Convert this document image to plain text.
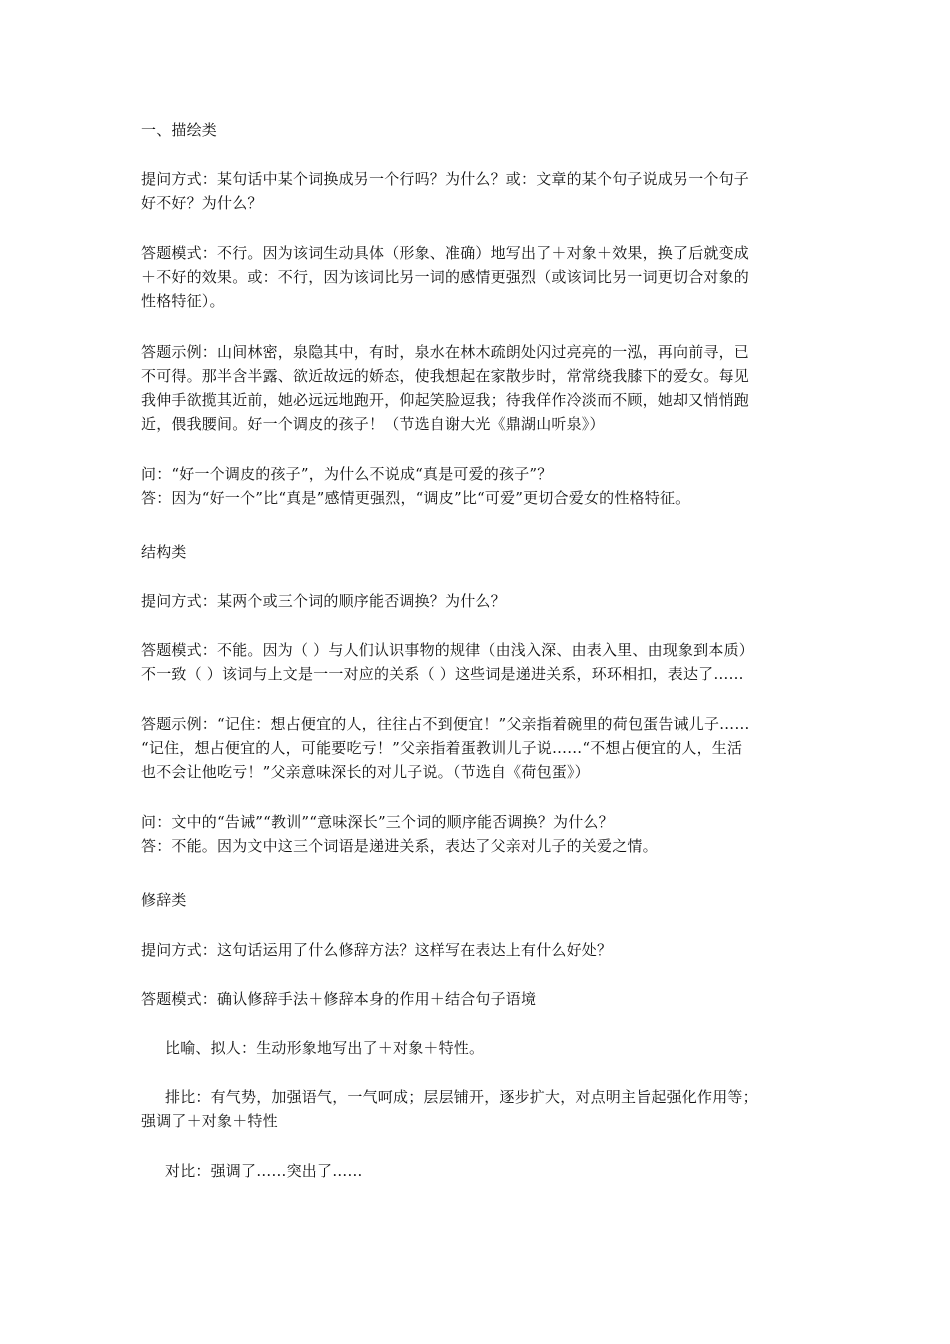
一、描绘类
提问方式：某句话中某个词换成另一个行吗？为什么？或：文章的某个句子说成另一个句子
好不好？为什么？
答题模式：不行。因为该词生动具体（形象、准确）地写出了＋对象＋效果，换了后就变成
＋不好的效果。或：不行，因为该词比另一词的感情更强烈（或该词比另一词更切合对象的
性格特征）。
答题示例：山间林密，泉隐其中，有时，泉水在林木疏朗处闪过亮亮的一泓，再向前寻，已
不可得。那半含半露、欲近故远的娇态，使我想起在家散步时，常常绕我膝下的爱女。每见
我伸手欲揽其近前，她必远远地跑开，仰起笑脸逗我；待我佯作冷淡而不顾，她却又悄悄跑
近，偎我腰间。好一个调皮的孩子！（节选自谢大光《鼎湖山听泉》）
问：“好一个调皮的孩子”，为什么不说成“真是可爱的孩子”？
答：因为“好一个”比“真是”感情更强烈，“调皮”比“可爱”更切合爱女的性格特征。
结构类
提问方式：某两个或三个词的顺序能否调换？为什么？
答题模式：不能。因为（ ）与人们认识事物的规律（由浅入深、由表入里、由现象到本质）
不一致（ ）该词与上文是一一对应的关系（ ）这些词是递进关系，环环相扣，表达了……
答题示例：“记住：想占便宜的人，往往占不到便宜！”父亲指着碗里的荷包蛋告诫儿子……
“记住，想占便宜的人，可能要吃亏！”父亲指着蛋教训儿子说……“不想占便宜的人，生活
也不会让他吃亏！”父亲意味深长的对儿子说。（节选自《荷包蛋》）
问：文中的“告诫”“教训”“意味深长”三个词的顺序能否调换？为什么？
答：不能。因为文中这三个词语是递进关系，表达了父亲对儿子的关爱之情。
修辞类
提问方式：这句话运用了什么修辞方法？这样写在表达上有什么好处？
答题模式：确认修辞手法＋修辞本身的作用＋结合句子语境
比喻、拟人：生动形象地写出了＋对象＋特性。
排比：有气势，加强语气，一气呵成；层层铺开，逐步扩大，对点明主旨起强化作用等；
强调了＋对象＋特性
对比：强调了……突出了……
